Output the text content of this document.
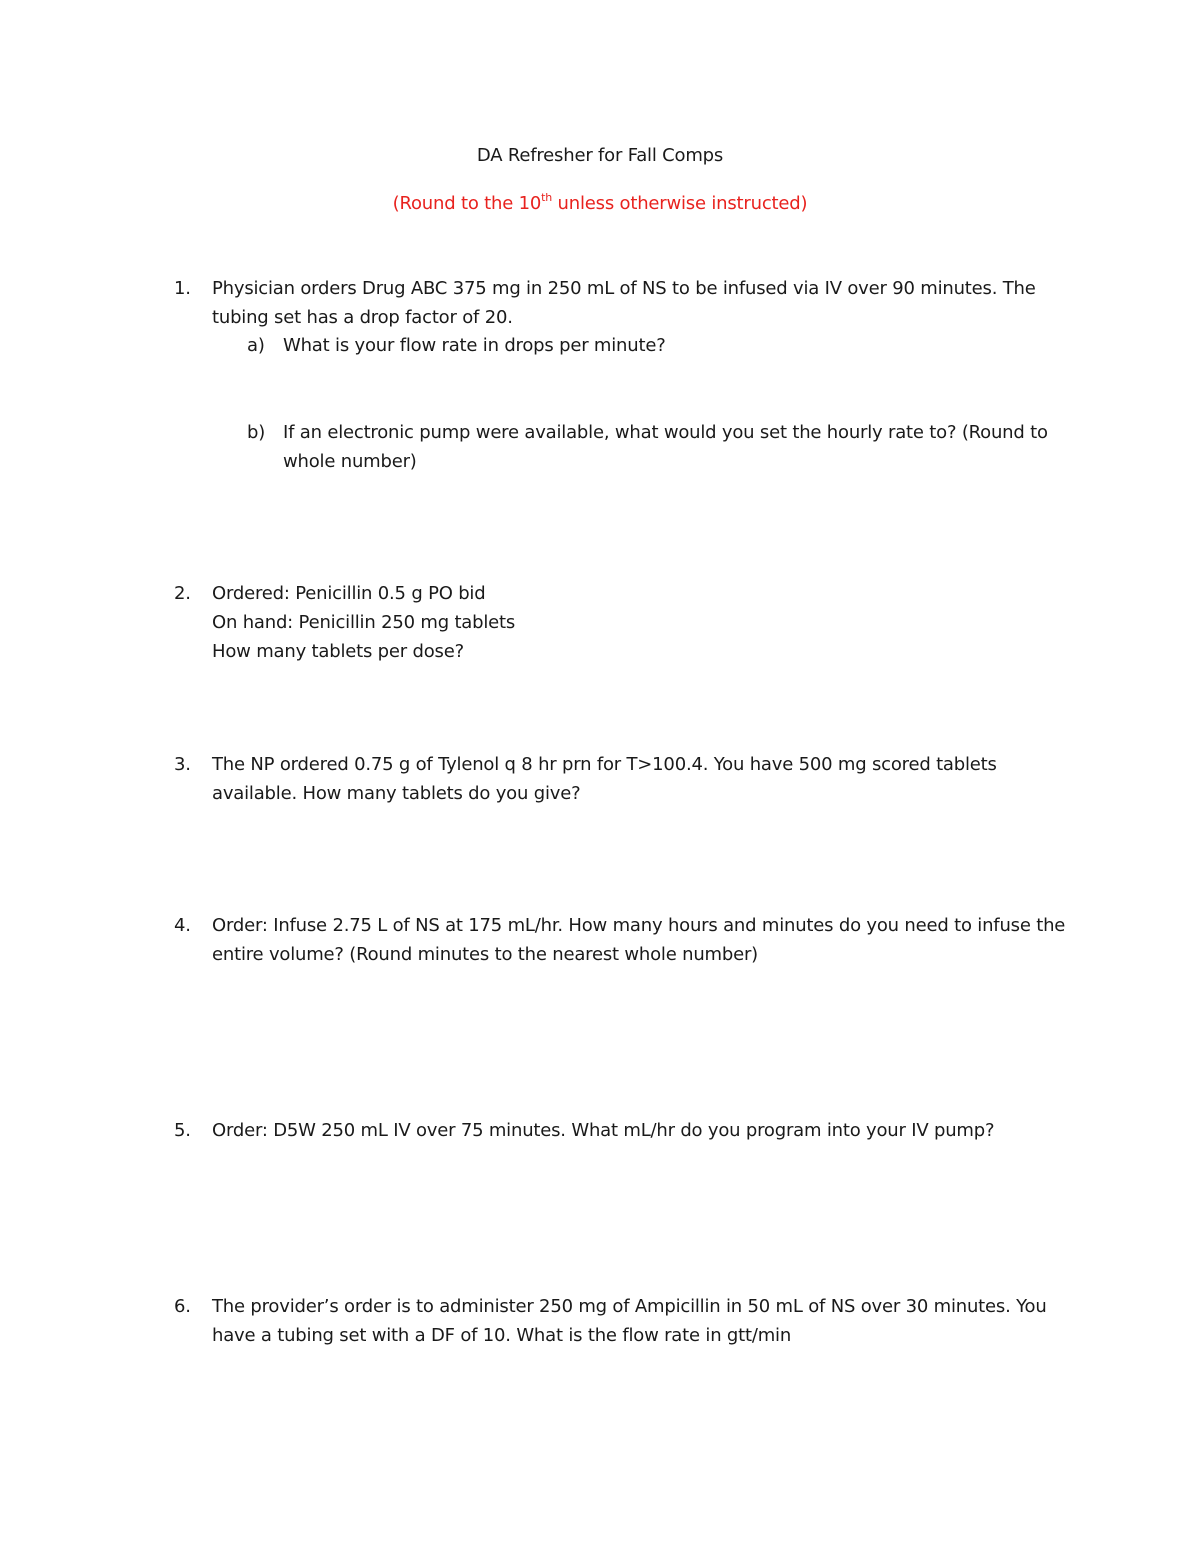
DA Refresher for Fall Comps
(Round to the 10th unless otherwise instructed)
1.	Physician orders Drug ABC 375 mg in 250 mL of NS to be infused via IV over 90 minutes. The
tubing set has a drop factor of 20.
a) What is your flow rate in drops per minute?
b) If an electronic pump were available, what would you set the hourly rate to? (Round to
whole number)
2.	Ordered: Penicillin 0.5 g PO bid
On hand: Penicillin 250 mg tablets
How many tablets per dose?
3.	The NP ordered 0.75 g of Tylenol q 8 hr prn for T>100.4. You have 500 mg scored tablets
available. How many tablets do you give?
4.	Order: Infuse 2.75 L of NS at 175 mL/hr. How many hours and minutes do you need to infuse the
entire volume? (Round minutes to the nearest whole number)
5.	Order: D5W 250 mL IV over 75 minutes. What mL/hr do you program into your IV pump?
6.	The provider’s order is to administer 250 mg of Ampicillin in 50 mL of NS over 30 minutes. You
have a tubing set with a DF of 10. What is the flow rate in gtt/min
